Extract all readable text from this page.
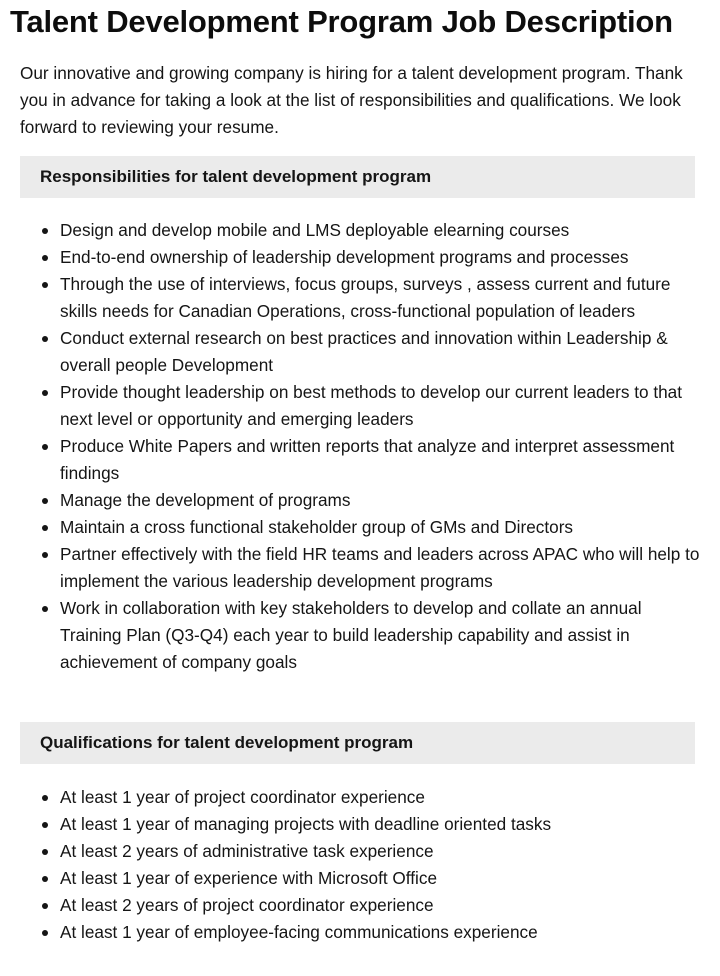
Talent Development Program Job Description

Our innovative and growing company is hiring for a talent development program. Thank you in advance for taking a look at the list of responsibilities and qualifications. We look forward to reviewing your resume.

Responsibilities for talent development program
Design and develop mobile and LMS deployable elearning courses
End-to-end ownership of leadership development programs and processes
Through the use of interviews, focus groups, surveys , assess current and future skills needs for Canadian Operations, cross-functional population of leaders
Conduct external research on best practices and innovation within Leadership & overall people Development
Provide thought leadership on best methods to develop our current leaders to that next level or opportunity and emerging leaders
Produce White Papers and written reports that analyze and interpret assessment findings
Manage the development of programs
Maintain a cross functional stakeholder group of GMs and Directors
Partner effectively with the field HR teams and leaders across APAC who will help to implement the various leadership development programs
Work in collaboration with key stakeholders to develop and collate an annual Training Plan (Q3-Q4) each year to build leadership capability and assist in achievement of company goals
Qualifications for talent development program
At least 1 year of project coordinator experience
At least 1 year of managing projects with deadline oriented tasks
At least 2 years of administrative task experience
At least 1 year of experience with Microsoft Office
At least 2 years of project coordinator experience
At least 1 year of employee-facing communications experience
